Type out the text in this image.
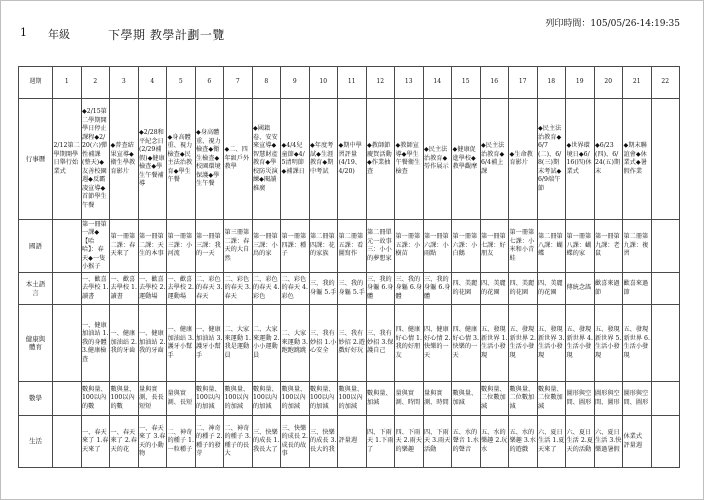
1 年級	下學期 教學計劃一覽
列印時間：105/05/26-14:19:35
週期	1	2	3	4	5	6	7	8	9	10	11	12	13	14	15	16	17	18	19	20	21	22
行事曆	2/12第二學期開學日舉行始業式	◆2/15第二學期開學日停止課程◆2/20(六)彈性補課(整天)◆友善校園週◆反霸凌宣導◆首節學生午餐	◆普查結果宣導◆衛生學教育影片	◆2/28和平紀念日(2/29補假)◆健康檢查◆學生午餐補導	◆身高體重、視力檢查◆民主法治教育◆學生午餐	◆身高體重、視力檢查◆衛生檢查◆校園環境保護◆學生午餐	◆二、四年級戶外教學	◆國籍卷、安安來宣導◆智慧財產教育◆學校防災演練◆閱讀推廣	◆4/4兒童節◆4/5清明節◆補課日	◆年度考試◆生涯教育◆期中考試	◆期中學習評量(4/19、4/20)	◆教師節慶賀活動◆作業抽查	◆教師宣導◆學生午餐衛生檢查	◆民主法治教育◆勞作展示	◆健康促進學校◆教學觀摩	◆民主法治教育◆6/4補上課	◆生命教育影片	◆民主法治教育◆6/7(二)、6/8(三)期末考試◆6/9端午節	◆世界環境日◆6/16(四)休業式	◆6/23(四)、6/24(五)期末	◆期末聯誼會◆休業式◆暑假作業	
國語		第一冊第一課◆【哈哈】：春天◆一隻小猴子	第一冊第二課：春天來了	第一冊第二課：天生的本事	第一冊第三課：小河流	第一冊第三課：我的一天	第三冊第二課：春天的大自然	第一冊第三課：小鳥的家	第一冊第四課：種子	第二冊第四課：花的家族	第二冊第五課：看圖寫作	第二冊單元一故事三：小小的夢想家	第一冊第五課：小樹苗	第一冊第六課：小雨點	第一冊第六課：小白鵝	第一冊第七課：好朋友	第一冊第七課：小米和小青蛙	第二冊第八課：蝴蝶	第一冊第八課：蝴蝶的家	第一冊第九課：老鼠	第二冊第九課：複習	
本土語言		一、歡喜去學校 1.讀書	一、歡喜去學校 1.讀書	一、歡喜去學校 2.運動場	一、歡喜去學校 2.運動場	二、彩色的春天 3.春天	二、彩色的春天 3.春天	二、彩色的春天 4.彩色	二、彩色的春天 4.彩色	三、我的身軀 5.手	三、我的身軀 5.手	三、我的身軀 6.身體	三、我的身軀 6.身體	三、我的身軀 6.身體	四、美麗的花園	四、美麗的花園	四、美麗的花園	四、美麗的花園	傳統念謠	歡喜來過節	歡喜來過節	
健康與體育		一、健康加油站 1.我的身體 3.健康檢查	一、健康加油站 2.我的牙齒	一、健康加油站 2.我的牙齒	一、健康加油站 3.護牙小幫手	一、健康加油站 3.護牙小幫手	二、大家來運動 1.我是運動員	二、大家來運動 2.小小運動員	二、大家來運動 3.跑跑跳跳	三、我有妙招 1.小心安全	三、我有妙招 2.遊戲好好玩	三、我有妙招 3.保護自己	四、健康好心情 1.我的好朋友	四、健康好心情 2.快樂的一天	四、健康好心情 3.快樂的一天	五、發現新世界 1.生活小發現	五、發現新世界 2.生活小發現	五、發現新世界 3.生活小發現	五、發現新世界 4.生活小發現	五、發現新世界 5.生活小發現	五、發現新世界 6.生活小發現	
數學		數與量、100以內的數	數與量、100以內的數	量與實測、長長短短	量與實測、長短	數與量、100以內的加減	數與量、100以內的加減	數與量、100以內的加減	數與量、100以內的加減	數與量、100以內的加減	數與量、100以內的加減	數與量、加減	量與實測、時間	量與實測、時間	數與量、加減	數與量、二位數加減	數與量、二位數加減	數與量、二位數加減	圖形與空間、圖形	圖形與空間、圖形	圖形與空間、圖形	
生活		一、春天來了 1.春天來了	一、春天來了 2.春天的花	一、春天來了 3.春天的小動物	二、神奇的種子 1.一粒種子	二、神奇的種子 2.種子的發芽	二、神奇的種子 3.種子的長大	三、快樂的成長 1.我長大了	三、快樂的成長 2.成長的故事	三、快樂的成長 3.長大的我	評量週	四、下雨天 1.下雨了	四、下雨天 2.雨天的樂趣	四、下雨天 3.雨天活動	五、水的聲音 1.水的聲音	五、水的樂趣 2.玩水	五、水的樂趣 3.水的遊戲	六、夏日生活 1.夏天來了	六、夏日生活 2.夏天的活動	六、夏日生活 3.快樂過暑假	休業式 評量週	
